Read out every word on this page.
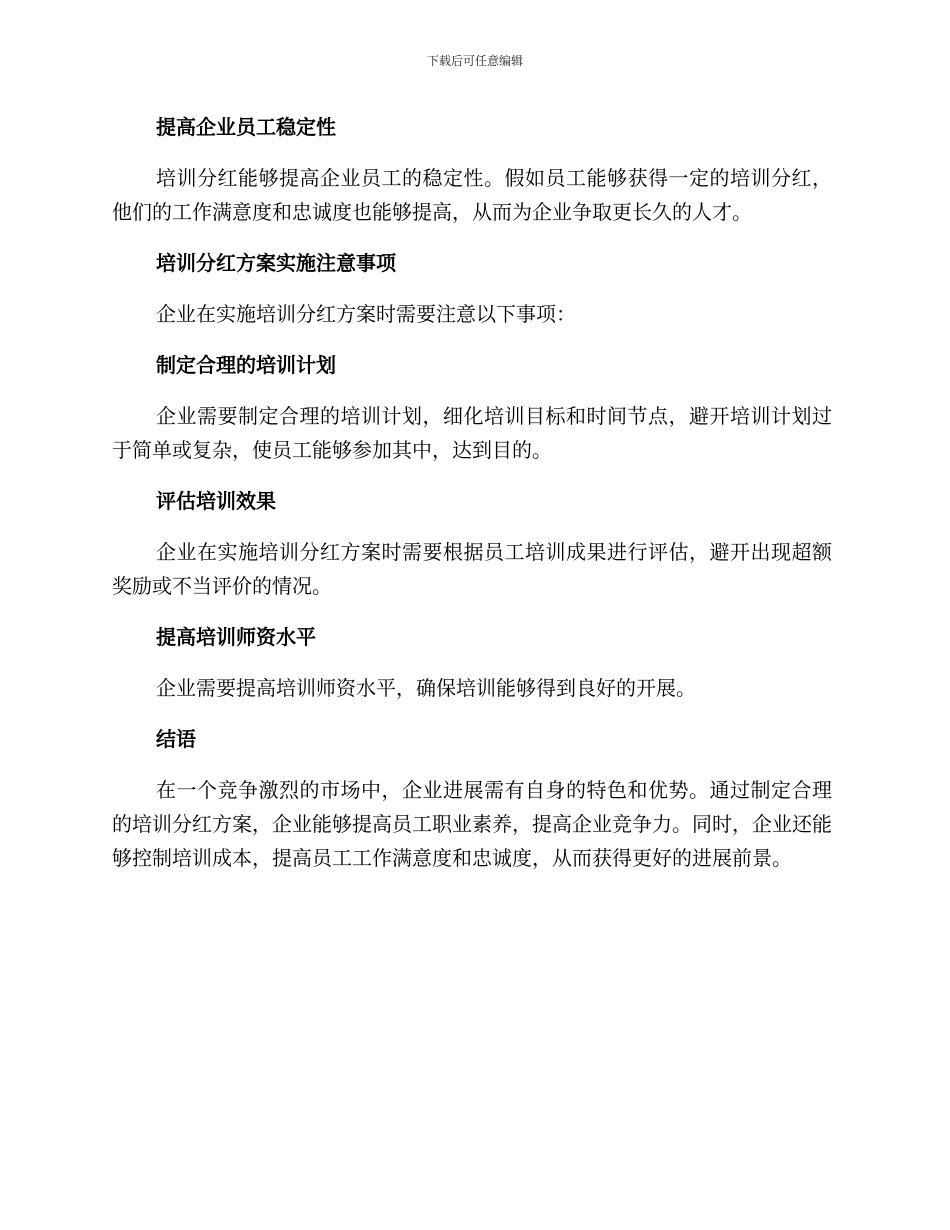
下载后可任意编辑
提高企业员工稳定性

培训分红能够提高企业员工的稳定性。假如员工能够获得一定的培训分红，他们的工作满意度和忠诚度也能够提高，从而为企业争取更长久的人才。

培训分红方案实施注意事项

企业在实施培训分红方案时需要注意以下事项：

制定合理的培训计划

企业需要制定合理的培训计划，细化培训目标和时间节点，避开培训计划过于简单或复杂，使员工能够参加其中，达到目的。

评估培训效果

企业在实施培训分红方案时需要根据员工培训成果进行评估，避开出现超额奖励或不当评价的情况。

提高培训师资水平

企业需要提高培训师资水平，确保培训能够得到良好的开展。

结语

在一个竞争激烈的市场中，企业进展需有自身的特色和优势。通过制定合理的培训分红方案，企业能够提高员工职业素养，提高企业竞争力。同时，企业还能够控制培训成本，提高员工工作满意度和忠诚度，从而获得更好的进展前景。
